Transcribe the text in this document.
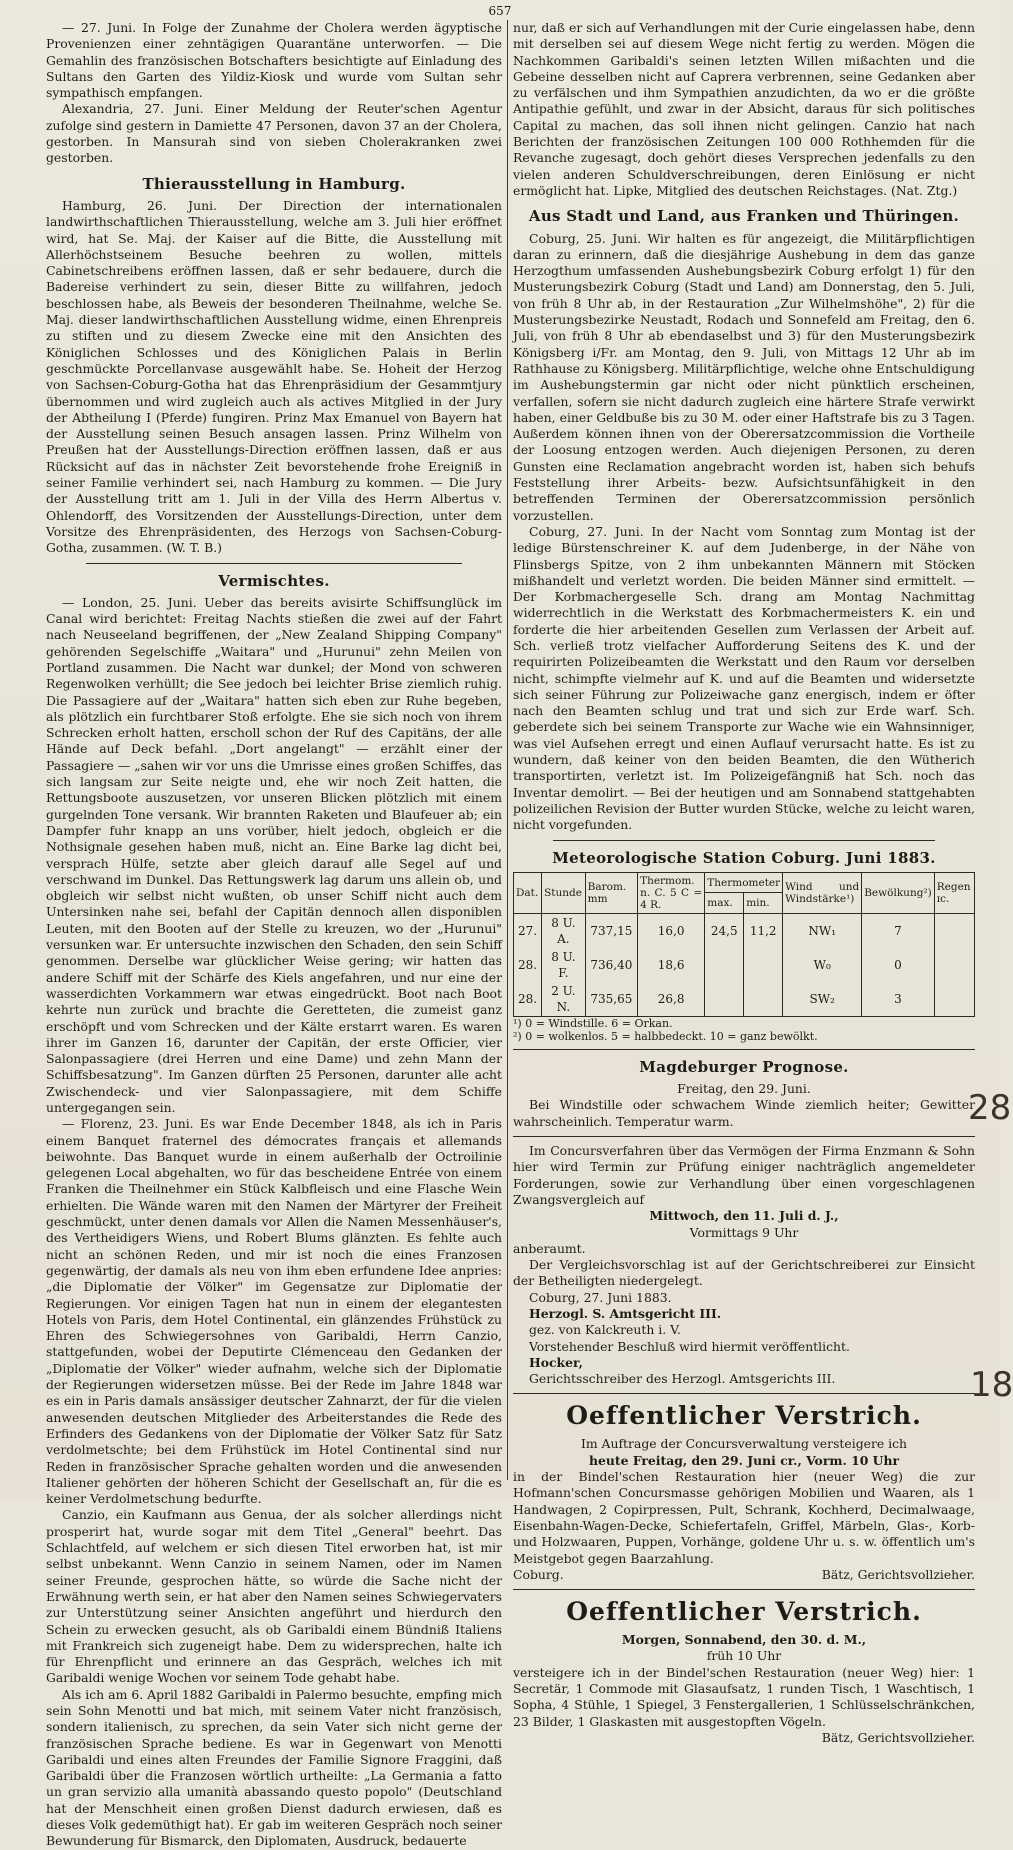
657

— 27. Juni. In Folge der Zunahme der Cholera werden ägyptische Provenienzen einer zehntägigen Quarantäne unterworfen. — Die Gemahlin des französischen Botschafters besichtigte auf Einladung des Sultans den Garten des Yildiz-Kiosk und wurde vom Sultan sehr sympathisch empfangen.

Alexandria, 27. Juni. Einer Meldung der Reuter'schen Agentur zufolge sind gestern in Damiette 47 Personen, davon 37 an der Cholera, gestorben. In Mansurah sind von sieben Cholerakranken zwei gestorben.

Thierausstellung in Hamburg.

Hamburg, 26. Juni. Der Direction der internationalen landwirthschaftlichen Thierausstellung, welche am 3. Juli hier eröffnet wird, hat Se. Maj. der Kaiser auf die Bitte, die Ausstellung mit Allerhöchstseinem Besuche beehren zu wollen, mittels Cabinetschreibens eröffnen lassen, daß er sehr bedauere, durch die Badereise verhindert zu sein, dieser Bitte zu willfahren, jedoch beschlossen habe, als Beweis der besonderen Theilnahme, welche Se. Maj. dieser landwirthschaftlichen Ausstellung widme, einen Ehrenpreis zu stiften und zu diesem Zwecke eine mit den Ansichten des Königlichen Schlosses und des Königlichen Palais in Berlin geschmückte Porcellanvase ausgewählt habe. Se. Hoheit der Herzog von Sachsen-Coburg-Gotha hat das Ehrenpräsidium der Gesammtjury übernommen und wird zugleich auch als actives Mitglied in der Jury der Abtheilung I (Pferde) fungiren. Prinz Max Emanuel von Bayern hat der Ausstellung seinen Besuch ansagen lassen. Prinz Wilhelm von Preußen hat der Ausstellungs-Direction eröffnen lassen, daß er aus Rücksicht auf das in nächster Zeit bevorstehende frohe Ereigniß in seiner Familie verhindert sei, nach Hamburg zu kommen. — Die Jury der Ausstellung tritt am 1. Juli in der Villa des Herrn Albertus v. Ohlendorff, des Vorsitzenden der Ausstellungs-Direction, unter dem Vorsitze des Ehrenpräsidenten, des Herzogs von Sachsen-Coburg-Gotha, zusammen. (W. T. B.)

Vermischtes.

— London, 25. Juni. Ueber das bereits avisirte Schiffsunglück im Canal wird berichtet: Freitag Nachts stießen die zwei auf der Fahrt nach Neuseeland begriffenen, der „New Zealand Shipping Company" gehörenden Segelschiffe „Waitara" und „Hurunui" zehn Meilen von Portland zusammen. Die Nacht war dunkel; der Mond von schweren Regenwolken verhüllt; die See jedoch bei leichter Brise ziemlich ruhig. Die Passagiere auf der „Waitara" hatten sich eben zur Ruhe begeben, als plötzlich ein furchtbarer Stoß erfolgte. Ehe sie sich noch von ihrem Schrecken erholt hatten, erscholl schon der Ruf des Capitäns, der alle Hände auf Deck befahl. „Dort angelangt" — erzählt einer der Passagiere — „sahen wir vor uns die Umrisse eines großen Schiffes, das sich langsam zur Seite neigte und, ehe wir noch Zeit hatten, die Rettungsboote auszusetzen, vor unseren Blicken plötzlich mit einem gurgelnden Tone versank. Wir brannten Raketen und Blaufeuer ab; ein Dampfer fuhr knapp an uns vorüber, hielt jedoch, obgleich er die Nothsignale gesehen haben muß, nicht an. Eine Barke lag dicht bei, versprach Hülfe, setzte aber gleich darauf alle Segel auf und verschwand im Dunkel. Das Rettungswerk lag darum uns allein ob, und obgleich wir selbst nicht wußten, ob unser Schiff nicht auch dem Untersinken nahe sei, befahl der Capitän dennoch allen disponiblen Leuten, mit den Booten auf der Stelle zu kreuzen, wo der „Hurunui" versunken war. Er untersuchte inzwischen den Schaden, den sein Schiff genommen. Derselbe war glücklicher Weise gering; wir hatten das andere Schiff mit der Schärfe des Kiels angefahren, und nur eine der wasserdichten Vorkammern war etwas eingedrückt. Boot nach Boot kehrte nun zurück und brachte die Geretteten, die zumeist ganz erschöpft und vom Schrecken und der Kälte erstarrt waren. Es waren ihrer im Ganzen 16, darunter der Capitän, der erste Officier, vier Salonpassagiere (drei Herren und eine Dame) und zehn Mann der Schiffsbesatzung". Im Ganzen dürften 25 Personen, darunter alle acht Zwischendeck- und vier Salonpassagiere, mit dem Schiffe untergegangen sein.

— Florenz, 23. Juni. Es war Ende December 1848, als ich in Paris einem Banquet fraternel des démocrates français et allemands beiwohnte. Das Banquet wurde in einem außerhalb der Octroilinie gelegenen Local abgehalten, wo für das bescheidene Entrée von einem Franken die Theilnehmer ein Stück Kalbfleisch und eine Flasche Wein erhielten. Die Wände waren mit den Namen der Märtyrer der Freiheit geschmückt, unter denen damals vor Allen die Namen Messenhäuser's, des Vertheidigers Wiens, und Robert Blums glänzten. Es fehlte auch nicht an schönen Reden, und mir ist noch die eines Franzosen gegenwärtig, der damals als neu von ihm eben erfundene Idee anpries: „die Diplomatie der Völker" im Gegensatze zur Diplomatie der Regierungen. Vor einigen Tagen hat nun in einem der elegantesten Hotels von Paris, dem Hotel Continental, ein glänzendes Frühstück zu Ehren des Schwiegersohnes von Garibaldi, Herrn Canzio, stattgefunden, wobei der Deputirte Clémenceau den Gedanken der „Diplomatie der Völker" wieder aufnahm, welche sich der Diplomatie der Regierungen widersetzen müsse. Bei der Rede im Jahre 1848 war es ein in Paris damals ansässiger deutscher Zahnarzt, der für die vielen anwesenden deutschen Mitglieder des Arbeiterstandes die Rede des Erfinders des Gedankens von der Diplomatie der Völker Satz für Satz verdolmetschte; bei dem Frühstück im Hotel Continental sind nur Reden in französischer Sprache gehalten worden und die anwesenden Italiener gehörten der höheren Schicht der Gesellschaft an, für die es keiner Verdolmetschung bedurfte.

Canzio, ein Kaufmann aus Genua, der als solcher allerdings nicht prosperirt hat, wurde sogar mit dem Titel „General" beehrt. Das Schlachtfeld, auf welchem er sich diesen Titel erworben hat, ist mir selbst unbekannt. Wenn Canzio in seinem Namen, oder im Namen seiner Freunde, gesprochen hätte, so würde die Sache nicht der Erwähnung werth sein, er hat aber den Namen seines Schwiegervaters zur Unterstützung seiner Ansichten angeführt und hierdurch den Schein zu erwecken gesucht, als ob Garibaldi einem Bündniß Italiens mit Frankreich sich zugeneigt habe. Dem zu widersprechen, halte ich für Ehrenpflicht und erinnere an das Gespräch, welches ich mit Garibaldi wenige Wochen vor seinem Tode gehabt habe.

Als ich am 6. April 1882 Garibaldi in Palermo besuchte, empfing mich sein Sohn Menotti und bat mich, mit seinem Vater nicht französisch, sondern italienisch, zu sprechen, da sein Vater sich nicht gerne der französischen Sprache bediene. Es war in Gegenwart von Menotti Garibaldi und eines alten Freundes der Familie Signore Fraggini, daß Garibaldi über die Franzosen wörtlich urtheilte: „La Germania a fatto un gran servizio alla umanità abassando questo popolo" (Deutschland hat der Menschheit einen großen Dienst dadurch erwiesen, daß es dieses Volk gedemüthigt hat). Er gab im weiteren Gespräch noch seiner Bewunderung für Bismarck, den Diplomaten, Ausdruck, bedauerte

nur, daß er sich auf Verhandlungen mit der Curie eingelassen habe, denn mit derselben sei auf diesem Wege nicht fertig zu werden. Mögen die Nachkommen Garibaldi's seinen letzten Willen mißachten und die Gebeine desselben nicht auf Caprera verbrennen, seine Gedanken aber zu verfälschen und ihm Sympathien anzudichten, da wo er die größte Antipathie gefühlt, und zwar in der Absicht, daraus für sich politisches Capital zu machen, das soll ihnen nicht gelingen. Canzio hat nach Berichten der französischen Zeitungen 100 000 Rothhemden für die Revanche zugesagt, doch gehört dieses Versprechen jedenfalls zu den vielen anderen Schuldverschreibungen, deren Einlösung er nicht ermöglicht hat. Lipke, Mitglied des deutschen Reichstages. (Nat. Ztg.)

Aus Stadt und Land, aus Franken und Thüringen.

Coburg, 25. Juni. Wir halten es für angezeigt, die Militärpflichtigen daran zu erinnern, daß die diesjährige Aushebung in dem das ganze Herzogthum umfassenden Aushebungsbezirk Coburg erfolgt 1) für den Musterungsbezirk Coburg (Stadt und Land) am Donnerstag, den 5. Juli, von früh 8 Uhr ab, in der Restauration „Zur Wilhelmshöhe", 2) für die Musterungsbezirke Neustadt, Rodach und Sonnefeld am Freitag, den 6. Juli, von früh 8 Uhr ab ebendaselbst und 3) für den Musterungsbezirk Königsberg i/Fr. am Montag, den 9. Juli, von Mittags 12 Uhr ab im Rathhause zu Königsberg. Militärpflichtige, welche ohne Entschuldigung im Aushebungstermin gar nicht oder nicht pünktlich erscheinen, verfallen, sofern sie nicht dadurch zugleich eine härtere Strafe verwirkt haben, einer Geldbuße bis zu 30 M. oder einer Haftstrafe bis zu 3 Tagen. Außerdem können ihnen von der Oberersatzcommission die Vortheile der Loosung entzogen werden. Auch diejenigen Personen, zu deren Gunsten eine Reclamation angebracht worden ist, haben sich behufs Feststellung ihrer Arbeits- bezw. Aufsichtsunfähigkeit in den betreffenden Terminen der Oberersatzcommission persönlich vorzustellen.

Coburg, 27. Juni. In der Nacht vom Sonntag zum Montag ist der ledige Bürstenschreiner K. auf dem Judenberge, in der Nähe von Flinsbergs Spitze, von 2 ihm unbekannten Männern mit Stöcken mißhandelt und verletzt worden. Die beiden Männer sind ermittelt. — Der Korbmachergeselle Sch. drang am Montag Nachmittag widerrechtlich in die Werkstatt des Korbmachermeisters K. ein und forderte die hier arbeitenden Gesellen zum Verlassen der Arbeit auf. Sch. verließ trotz vielfacher Aufforderung Seitens des K. und der requirirten Polizeibeamten die Werkstatt und den Raum vor derselben nicht, schimpfte vielmehr auf K. und auf die Beamten und widersetzte sich seiner Führung zur Polizeiwache ganz energisch, indem er öfter nach den Beamten schlug und trat und sich zur Erde warf. Sch. geberdete sich bei seinem Transporte zur Wache wie ein Wahnsinniger, was viel Aufsehen erregt und einen Auflauf verursacht hatte. Es ist zu wundern, daß keiner von den beiden Beamten, die den Wütherich transportirten, verletzt ist. Im Polizeigefängniß hat Sch. noch das Inventar demolirt. — Bei der heutigen und am Sonnabend stattgehabten polizeilichen Revision der Butter wurden Stücke, welche zu leicht waren, nicht vorgefunden.

Meteorologische Station Coburg. Juni 1883.
Dat.	Stunde	Barom. mm	Thermom. n. C. 5 C = 4 R.	Thermometer		Wind und Windstärke¹)	Bewölkung²)	Regen ɪc.
				max.	min.			
27.	8 U. A.	737,15	16,0	24,5	11,2	NW₁	7	
28.	8 U. F.	736,40	18,6			W₀	0	
28.	2 U. N.	735,65	26,8			SW₂	3	

¹) 0 = Windstille. 6 = Orkan.

²) 0 = wolkenlos. 5 = halbbedeckt. 10 = ganz bewölkt.

Magdeburger Prognose.

Freitag, den 29. Juni.

Bei Windstille oder schwachem Winde ziemlich heiter; Gewitter wahrscheinlich. Temperatur warm.

Im Concursverfahren über das Vermögen der Firma Enzmann & Sohn hier wird Termin zur Prüfung einiger nachträglich angemeldeter Forderungen, sowie zur Verhandlung über einen vorgeschlagenen Zwangsvergleich auf

Mittwoch, den 11. Juli d. J.,

Vormittags 9 Uhr

anberaumt.

Der Vergleichsvorschlag ist auf der Gerichtschreiberei zur Einsicht der Betheiligten niedergelegt.

Coburg, 27. Juni 1883.

Herzogl. S. Amtsgericht III.

gez. von Kalckreuth i. V.

Vorstehender Beschluß wird hiermit veröffentlicht.

Hocker,

Gerichtsschreiber des Herzogl. Amtsgerichts III.

Oeffentlicher Verstrich.

Im Auftrage der Concursverwaltung versteigere ich

heute Freitag, den 29. Juni cr., Vorm. 10 Uhr

in der Bindel'schen Restauration hier (neuer Weg) die zur Hofmann'schen Concursmasse gehörigen Mobilien und Waaren, als 1 Handwagen, 2 Copirpressen, Pult, Schrank, Kochherd, Decimalwaage, Eisenbahn-Wagen-Decke, Schiefertafeln, Griffel, Märbeln, Glas-, Korb- und Holzwaaren, Puppen, Vorhänge, goldene Uhr u. s. w. öffentlich um's Meistgebot gegen Baarzahlung.

Coburg.	Bätz, Gerichtsvollzieher.

Oeffentlicher Verstrich.

Morgen, Sonnabend, den 30. d. M.,

früh 10 Uhr

versteigere ich in der Bindel'schen Restauration (neuer Weg) hier: 1 Secretär, 1 Commode mit Glasaufsatz, 1 runden Tisch, 1 Waschtisch, 1 Sopha, 4 Stühle, 1 Spiegel, 3 Fenstergallerien, 1 Schlüsselschränkchen, 23 Bilder, 1 Glaskasten mit ausgestopften Vögeln.

Bätz, Gerichtsvollzieher.

28
18
